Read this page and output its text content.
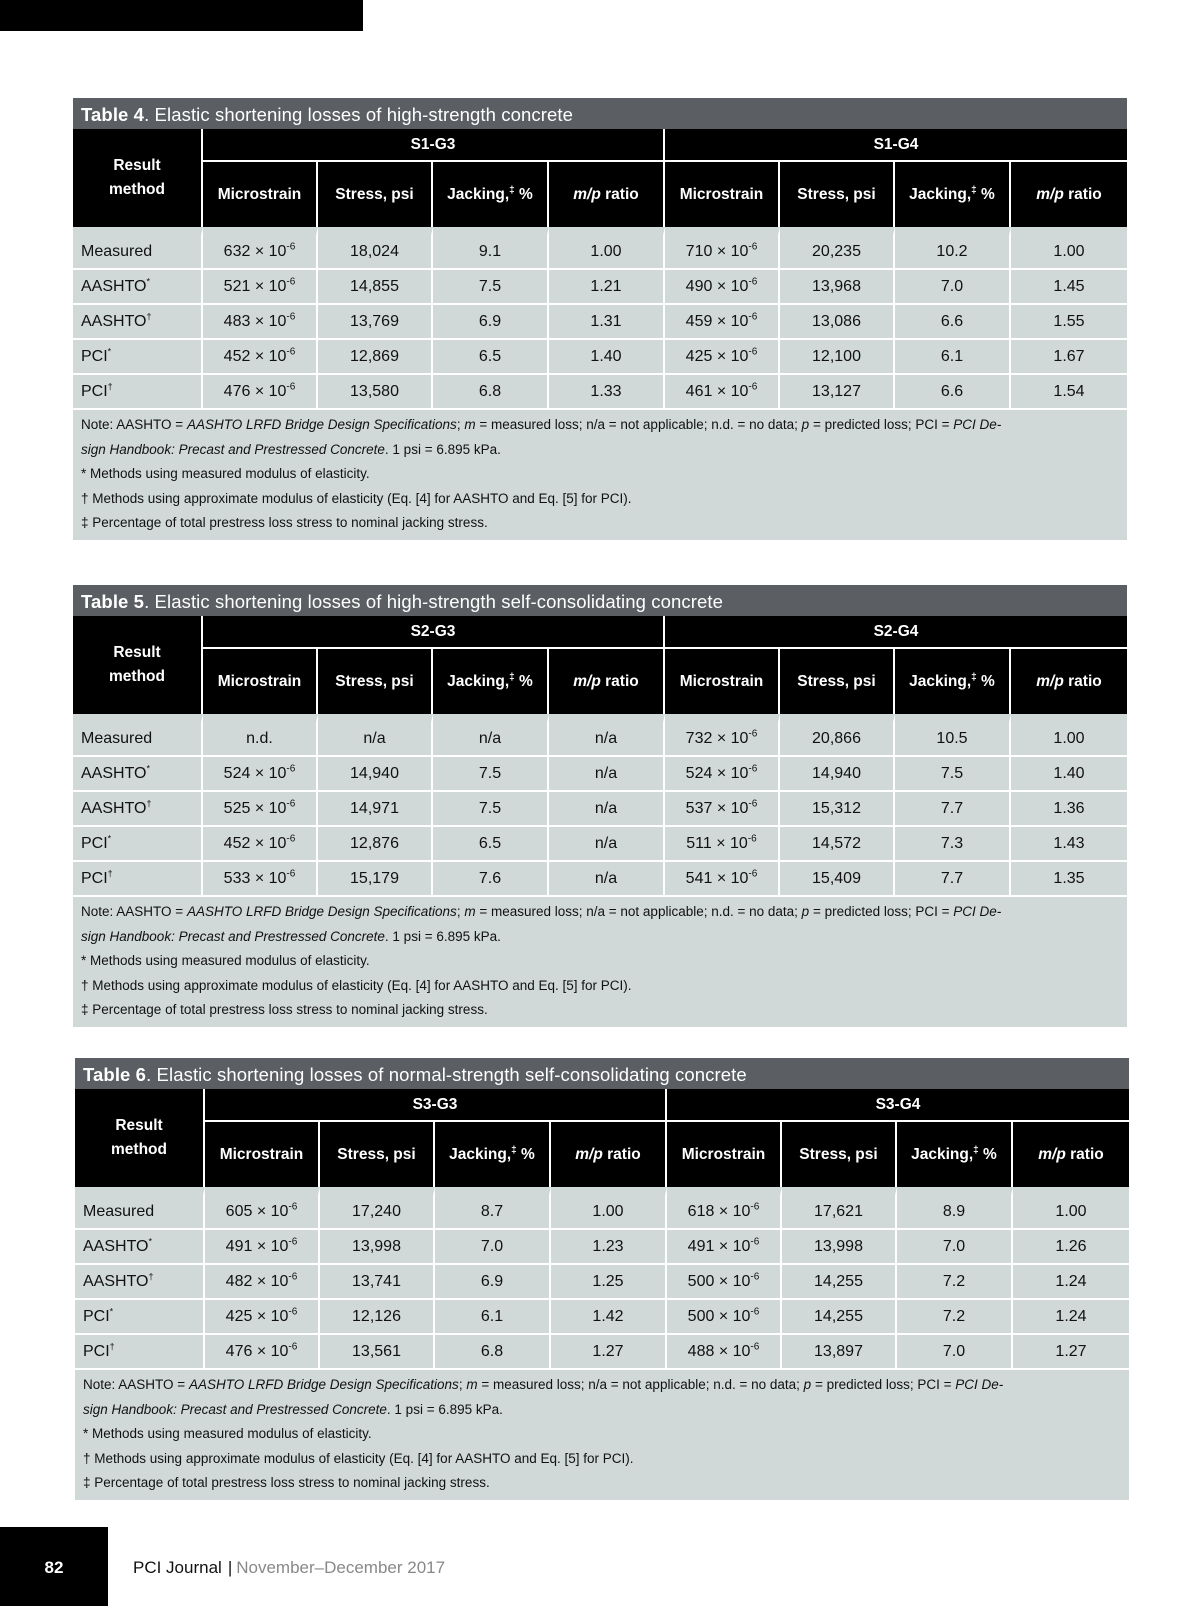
Table 4. Elastic shortening losses of high-strength concrete
Result
method	S1-G3				S1-G4			
	Microstrain	Stress, psi	Jacking,‡ %	m/p ratio	Microstrain	Stress, psi	Jacking,‡ %	m/p ratio
Measured	$632 \times 10^{-6}$	18,024	9.1	1.00	$710 \times 10^{-6}$	20,235	10.2	1.00
AASHTO*	$521 \times 10^{-6}$	14,855	7.5	1.21	$490 \times 10^{-6}$	13,968	7.0	1.45
AASHTO†	$483 \times 10^{-6}$	13,769	6.9	1.31	$459 \times 10^{-6}$	13,086	6.6	1.55
PCI*	$452 \times 10^{-6}$	12,869	6.5	1.40	$425 \times 10^{-6}$	12,100	6.1	1.67
PCI†	$476 \times 10^{-6}$	13,580	6.8	1.33	$461 \times 10^{-6}$	13,127	6.6	1.54

Note: AASHTO = AASHTO LRFD Bridge Design Specifications; m = measured loss; n/a = not applicable; n.d. = no data; p = predicted loss; PCI = PCI De-

sign Handbook: Precast and Prestressed Concrete. 1 psi = 6.895 kPa.

* Methods using measured modulus of elasticity.

† Methods using approximate modulus of elasticity (Eq. [4] for AASHTO and Eq. [5] for PCI).

‡ Percentage of total prestress loss stress to nominal jacking stress.

Table 5. Elastic shortening losses of high-strength self-consolidating concrete
Result
method	S2-G3				S2-G4			
	Microstrain	Stress, psi	Jacking,‡ %	m/p ratio	Microstrain	Stress, psi	Jacking,‡ %	m/p ratio
Measured	n.d.	n/a	n/a	n/a	$732 \times 10^{-6}$	20,866	10.5	1.00
AASHTO*	$524 \times 10^{-6}$	14,940	7.5	n/a	$524 \times 10^{-6}$	14,940	7.5	1.40
AASHTO†	$525 \times 10^{-6}$	14,971	7.5	n/a	$537 \times 10^{-6}$	15,312	7.7	1.36
PCI*	$452 \times 10^{-6}$	12,876	6.5	n/a	$511 \times 10^{-6}$	14,572	7.3	1.43
PCI†	$533 \times 10^{-6}$	15,179	7.6	n/a	$541 \times 10^{-6}$	15,409	7.7	1.35

Note: AASHTO = AASHTO LRFD Bridge Design Specifications; m = measured loss; n/a = not applicable; n.d. = no data; p = predicted loss; PCI = PCI De-

sign Handbook: Precast and Prestressed Concrete. 1 psi = 6.895 kPa.

* Methods using measured modulus of elasticity.

† Methods using approximate modulus of elasticity (Eq. [4] for AASHTO and Eq. [5] for PCI).

‡ Percentage of total prestress loss stress to nominal jacking stress.

Table 6. Elastic shortening losses of normal-strength self-consolidating concrete
Result
method	S3-G3				S3-G4			
	Microstrain	Stress, psi	Jacking,‡ %	m/p ratio	Microstrain	Stress, psi	Jacking,‡ %	m/p ratio
Measured	$605 \times 10^{-6}$	17,240	8.7	1.00	$618 \times 10^{-6}$	17,621	8.9	1.00
AASHTO*	$491 \times 10^{-6}$	13,998	7.0	1.23	$491 \times 10^{-6}$	13,998	7.0	1.26
AASHTO†	$482 \times 10^{-6}$	13,741	6.9	1.25	$500 \times 10^{-6}$	14,255	7.2	1.24
PCI*	$425 \times 10^{-6}$	12,126	6.1	1.42	$500 \times 10^{-6}$	14,255	7.2	1.24
PCI†	$476 \times 10^{-6}$	13,561	6.8	1.27	$488 \times 10^{-6}$	13,897	7.0	1.27

Note: AASHTO = AASHTO LRFD Bridge Design Specifications; m = measured loss; n/a = not applicable; n.d. = no data; p = predicted loss; PCI = PCI De-

sign Handbook: Precast and Prestressed Concrete. 1 psi = 6.895 kPa.

* Methods using measured modulus of elasticity.

† Methods using approximate modulus of elasticity (Eq. [4] for AASHTO and Eq. [5] for PCI).

‡ Percentage of total prestress loss stress to nominal jacking stress.

82	PCI Journal | November–December 2017
